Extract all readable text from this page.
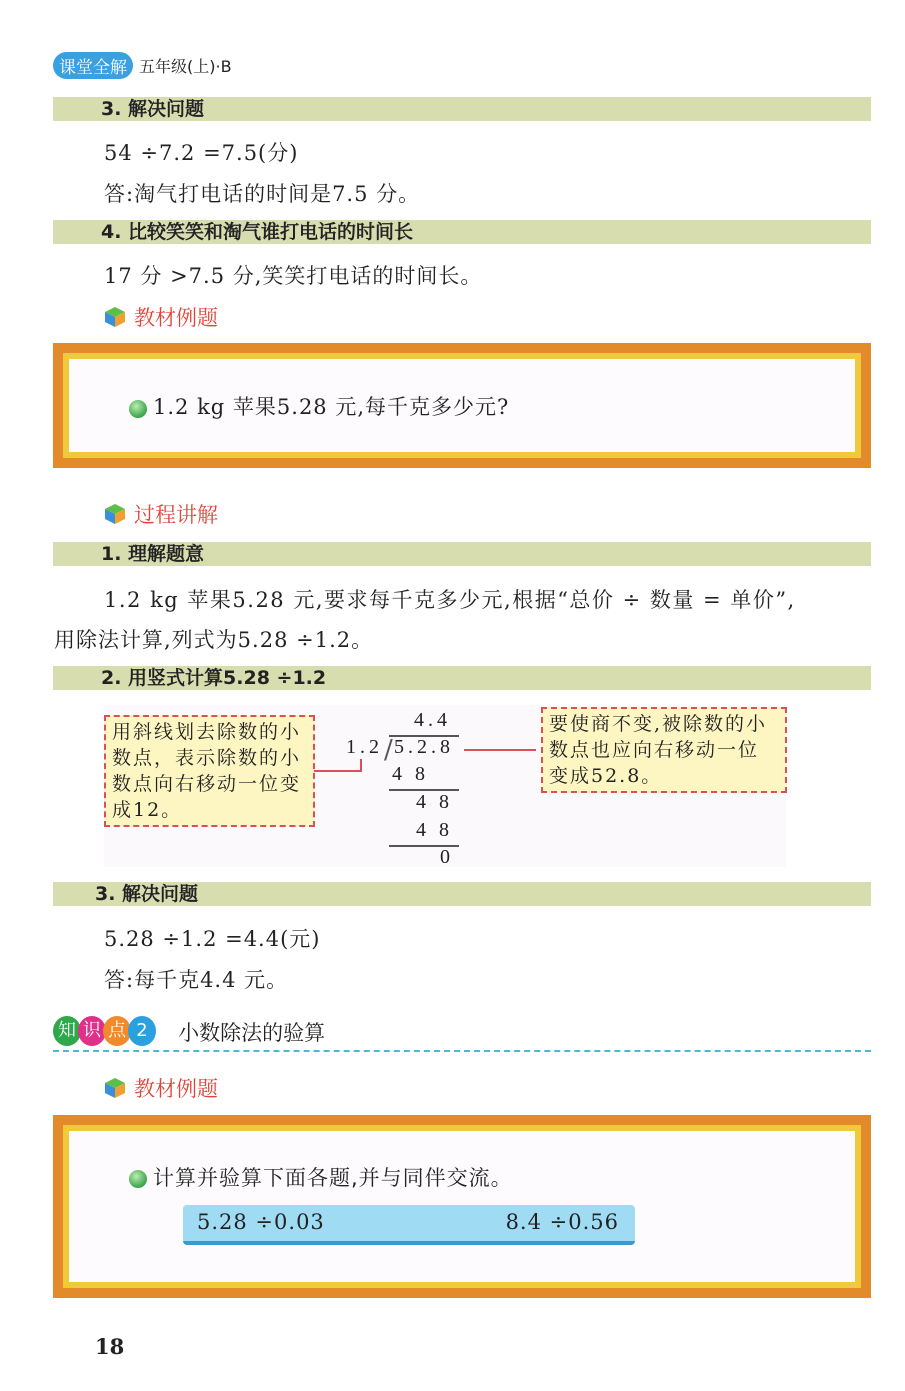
课堂全解 五年级(上)·B
3. 解决问题
54 ÷7.2 =7.5(分)
答:淘气打电话的时间是7.5 分。
4. 比较笑笑和淘气谁打电话的时间长
17 分 >7.5 分,笑笑打电话的时间长。
教材例题
1.2 kg 苹果5.28 元,每千克多少元?
过程讲解
1. 理解题意
1.2 kg 苹果5.28 元,要求每千克多少元,根据“总价 ÷ 数量 = 单价”,
用除法计算,列式为5.28 ÷1.2。
2. 用竖式计算5.28 ÷1.2
用斜线划去除数的小数点，表示除数的小数点向右移动一位变成12。
要使商不变,被除数的小数点也应向右移动一位变成52.8。
4.4
1.2 / 5.2.8
4 8
4 8
4 8
0
3. 解决问题
5.28 ÷1.2 =4.4(元)
答:每千克4.4 元。
知 识 点 2 小数除法的验算
教材例题
计算并验算下面各题,并与同伴交流。
5.28 ÷0.03	8.4 ÷0.56
18
